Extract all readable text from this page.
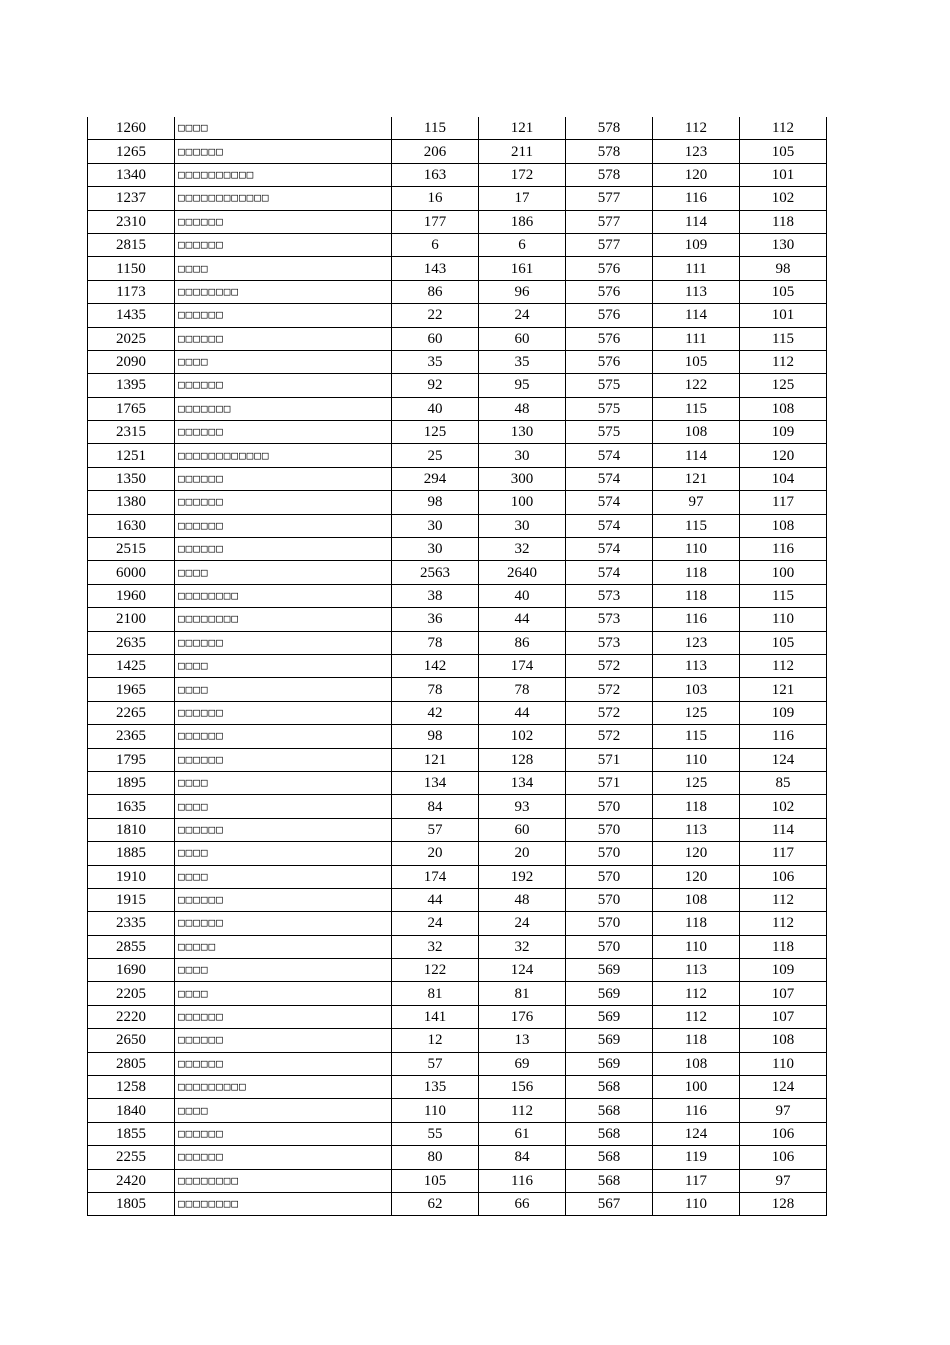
1260	□□□□	115	121	578	112	112
1265	□□□□□□	206	211	578	123	105
1340	□□□□□□□□□□	163	172	578	120	101
1237	□□□□□□□□□□□□	16	17	577	116	102
2310	□□□□□□	177	186	577	114	118
2815	□□□□□□	6	6	577	109	130
1150	□□□□	143	161	576	111	98
1173	□□□□□□□□	86	96	576	113	105
1435	□□□□□□	22	24	576	114	101
2025	□□□□□□	60	60	576	111	115
2090	□□□□	35	35	576	105	112
1395	□□□□□□	92	95	575	122	125
1765	□□□□□□□	40	48	575	115	108
2315	□□□□□□	125	130	575	108	109
1251	□□□□□□□□□□□□	25	30	574	114	120
1350	□□□□□□	294	300	574	121	104
1380	□□□□□□	98	100	574	97	117
1630	□□□□□□	30	30	574	115	108
2515	□□□□□□	30	32	574	110	116
6000	□□□□	2563	2640	574	118	100
1960	□□□□□□□□	38	40	573	118	115
2100	□□□□□□□□	36	44	573	116	110
2635	□□□□□□	78	86	573	123	105
1425	□□□□	142	174	572	113	112
1965	□□□□	78	78	572	103	121
2265	□□□□□□	42	44	572	125	109
2365	□□□□□□	98	102	572	115	116
1795	□□□□□□	121	128	571	110	124
1895	□□□□	134	134	571	125	85
1635	□□□□	84	93	570	118	102
1810	□□□□□□	57	60	570	113	114
1885	□□□□	20	20	570	120	117
1910	□□□□	174	192	570	120	106
1915	□□□□□□	44	48	570	108	112
2335	□□□□□□	24	24	570	118	112
2855	□□□□□	32	32	570	110	118
1690	□□□□	122	124	569	113	109
2205	□□□□	81	81	569	112	107
2220	□□□□□□	141	176	569	112	107
2650	□□□□□□	12	13	569	118	108
2805	□□□□□□	57	69	569	108	110
1258	□□□□□□□□□	135	156	568	100	124
1840	□□□□	110	112	568	116	97
1855	□□□□□□	55	61	568	124	106
2255	□□□□□□	80	84	568	119	106
2420	□□□□□□□□	105	116	568	117	97
1805	□□□□□□□□	62	66	567	110	128
